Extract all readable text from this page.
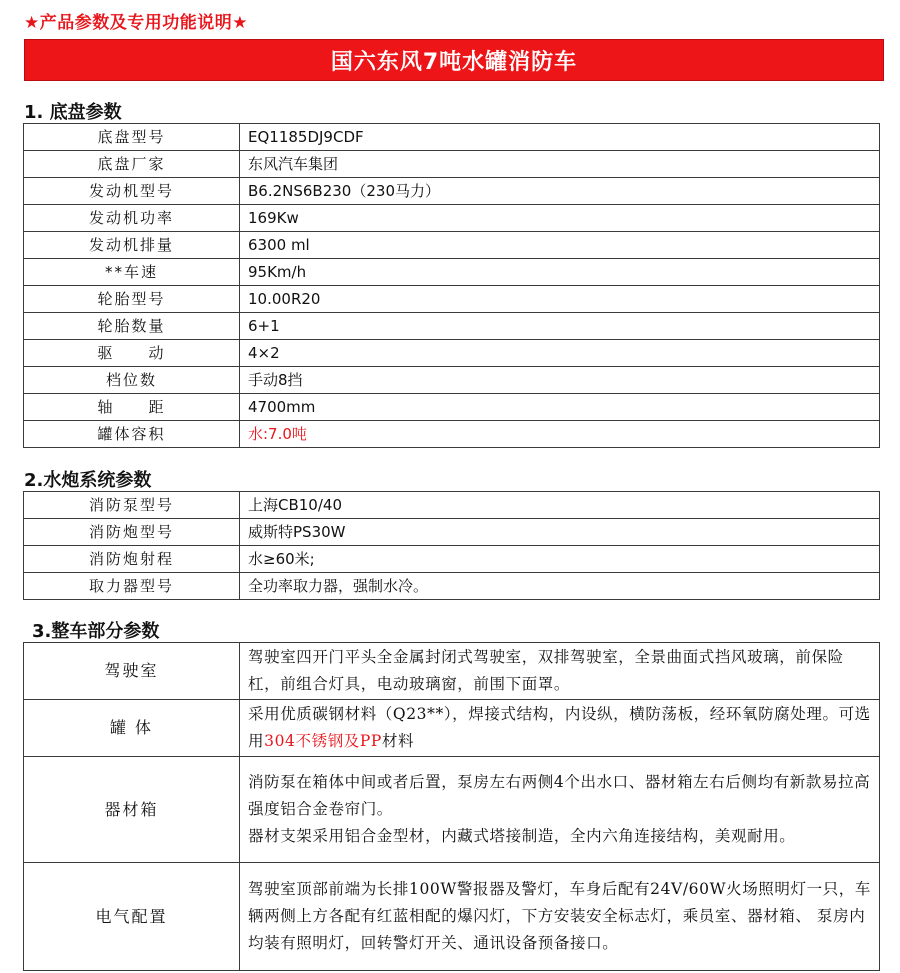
★产品参数及专用功能说明★
国六东风7吨水罐消防车
1. 底盘参数
底盘型号	EQ1185DJ9CDF
底盘厂家	东风汽车集团
发动机型号	B6.2NS6B230（230马力）
发动机功率	169Kw
发动机排量	6300 ml
**车速	95Km/h
轮胎型号	10.00R20
轮胎数量	6+1
驱　　动	4×2
档位数	手动8挡
轴　　距	4700mm
罐体容积	水:7.0吨
2.水炮系统参数
消防泵型号	上海CB10/40
消防炮型号	威斯特PS30W
消防炮射程	水≥60米;
取力器型号	全功率取力器，强制水冷。
3.整车部分参数
驾驶室	驾驶室四开门平头全金属封闭式驾驶室，双排驾驶室，全景曲面式挡风玻璃，前保险杠，前组合灯具，电动玻璃窗，前围下面罩。
罐 体	采用优质碳钢材料（Q23**），焊接式结构，内设纵，横防荡板，经环氧防腐处理。可选用304不锈钢及PP材料
器材箱	消防泵在箱体中间或者后置，泵房左右两侧4个出水口、器材箱左右后侧均有新款易拉高强度铝合金卷帘门。
器材支架采用铝合金型材，内藏式塔接制造，全内六角连接结构，美观耐用。

电气配置	驾驶室顶部前端为长排100W警报器及警灯，车身后配有24V/60W火场照明灯一只，车辆两侧上方各配有红蓝相配的爆闪灯，下方安装安全标志灯，乘员室、器材箱、 泵房内均装有照明灯，回转警灯开关、通讯设备预备接口。
